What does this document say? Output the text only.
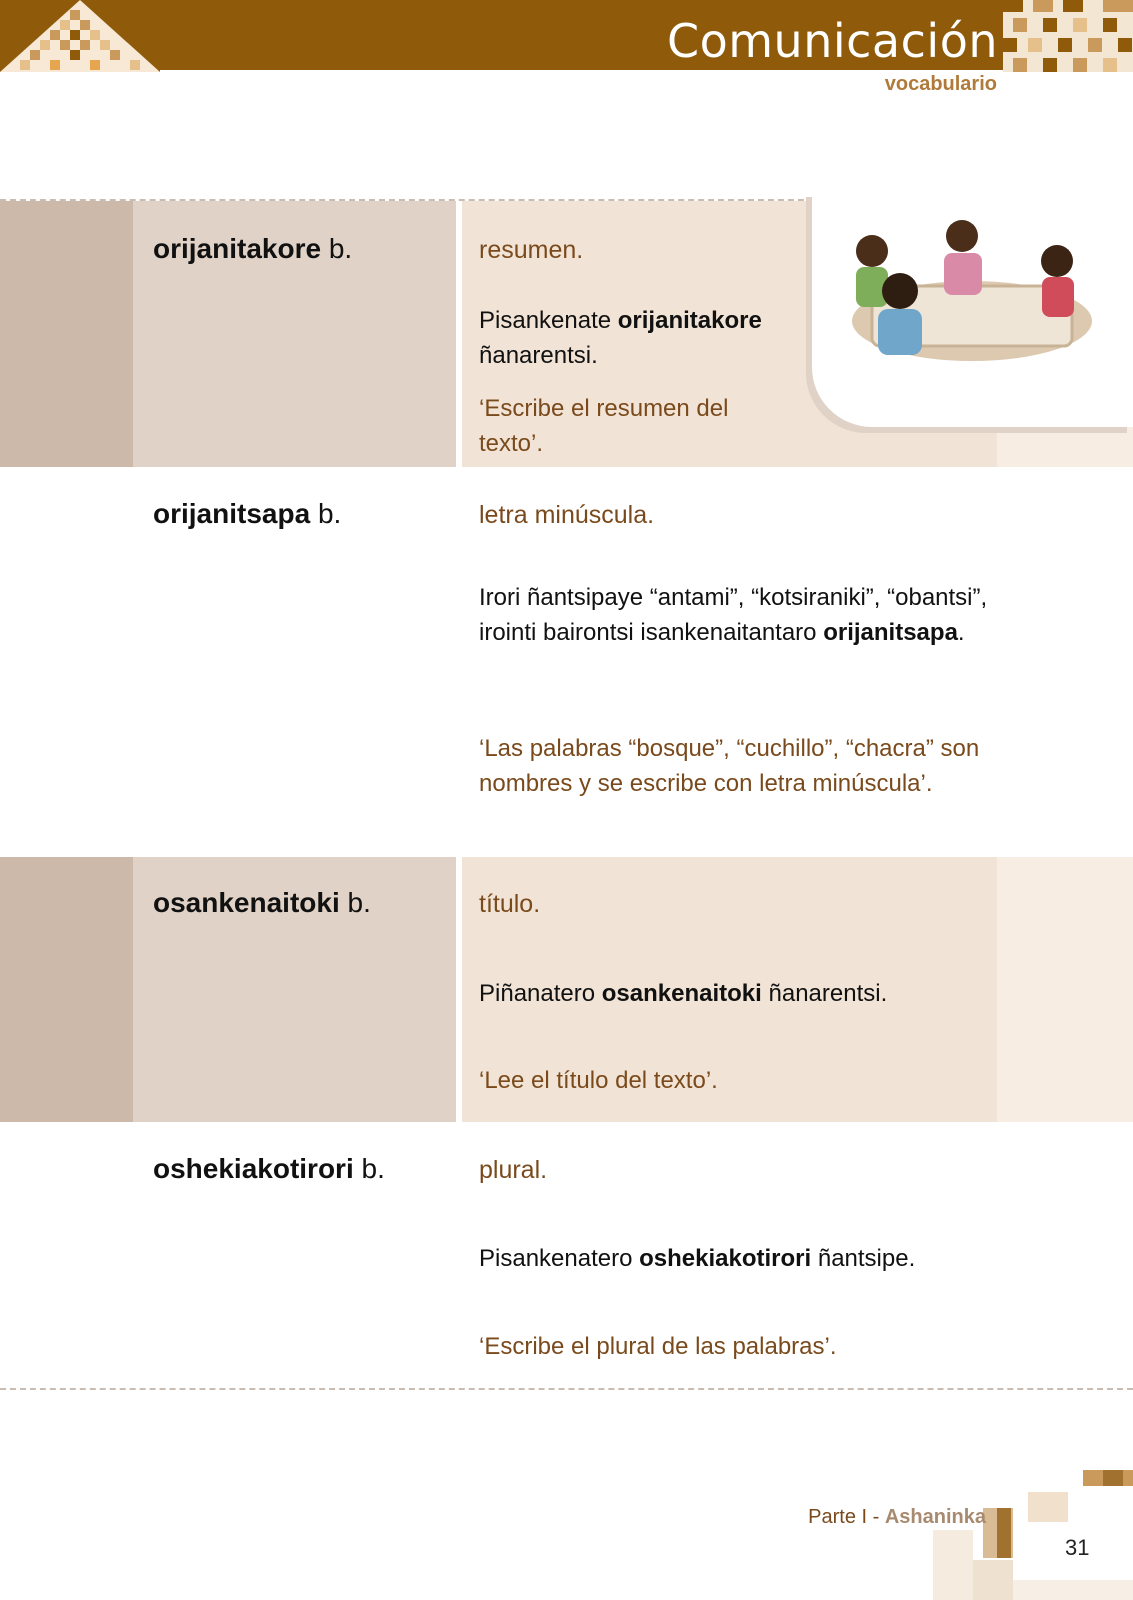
Comunicación
vocabulario
orijanitakore b.	resumen.
Pisankenate orijanitakore ñanarentsi.
‘Escribe el resumen del texto’.
orijanitsapa b.	letra minúscula.
Irori ñantsipaye “antami”, “kotsiraniki”, “obantsi”, irointi bairontsi isankenaitantaro orijanitsapa.
‘Las palabras “bosque”, “cuchillo”, “chacra” son nombres y se escribe con letra minúscula’.
osankenaitoki b.	título.
Piñanatero osankenaitoki ñanarentsi.
‘Lee el título del texto’.
oshekiakotirori b.	plural.
Pisankenatero oshekiakotirori ñantsipe.
‘Escribe el plural de las palabras’.
Parte I - Ashaninka
31
